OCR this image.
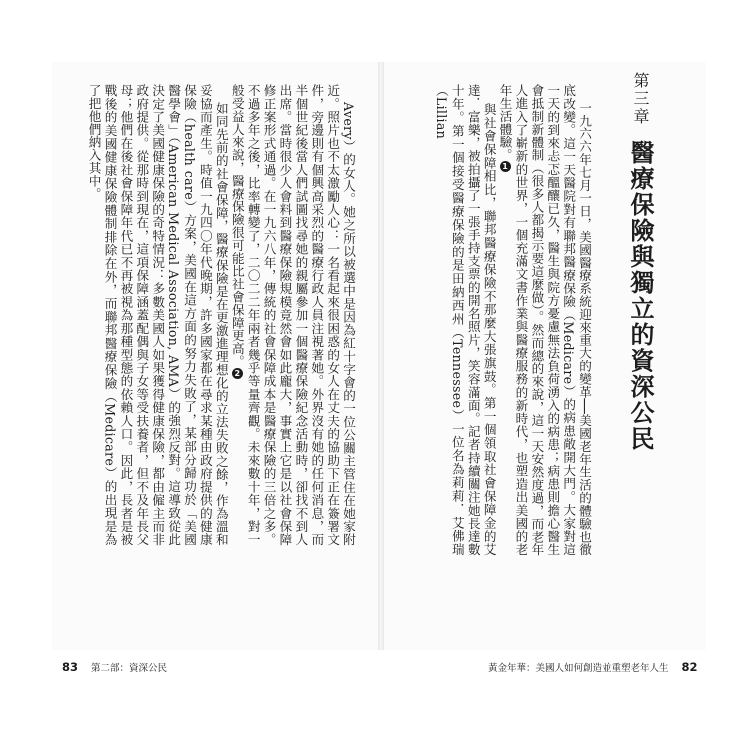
Avery）的女人。她之所以被選中是因為紅十字會的一位公關主管住在她家附近。照片也不太激勵人心：一名看起來很困惑的女人在丈夫的協助下正在簽署文件，旁邊則有個興高采烈的醫療行政人員注視著她。外界沒有她的任何消息，而半個世紀後當人們試圖找尋她的親屬參加一個醫療保險紀念活動時，卻找不到人出席。當時很少人會料到醫療保險規模竟然會如此龐大，事實上它是以社會保障修正案形式通過。在一九六八年，傳統的社會保障成本是醫療保險的三倍之多。不過多年之後，比率轉變了，二〇二二年兩者幾乎等量齊觀。未來數十年，對一般受益人來說，醫療保險很可能比社會保障更高。2
如同先前的社會保障，醫療保險是在更激進理想化的立法失敗之餘，作為溫和妥協而產生。時值一九四〇年代晚期，許多國家都在尋求某種由政府提供的健康保險（health care）方案，美國在這方面的努力失敗了，某部分歸功於「美國醫學會」（American Medical Association, AMA）的強烈反對。這導致從此決定了美國健康保險的奇特情況：多數美國人如果獲得健康保險，都由僱主而非政府提供。從那時到現在，這項保障涵蓋配偶與子女等受扶養者，但不及年長父母；他們在後社會保障年代已不再被視為那種型態的依賴人口。因此，長者是被戰後的美國健康保險體制排除在外，而聯邦醫療保險（Medicare）的出現是為了把他們納入其中。
	第三章醫療保險與獨立的資深公民

一九六六年七月一日，美國醫療系統迎來重大的變革──美國老年生活的體驗也徹底改變。這一天醫院對有聯邦醫療保險（Medicare）的病患敞開大門。大家對這一天的到來忐忑醞釀已久，醫生與院方憂慮無法負荷湧入的病患；病患則擔心醫生會抵制新體制（很多人都揭示要這麼做）。然而總的來說，這一天安然度過，而老年人進入了嶄新的世界，一個充滿文書作業與醫療服務的新時代，也塑造出美國的老年生活體驗。1
與社會保障相比，聯邦醫療保險不那麼大張旗鼓。第一個領取社會保障金的艾達．富樂，被拍攝了一張手持支票的開名照片，笑容滿面。記者持續關注她長達數十年。第一個接受醫療保險的是田納西州（Tennessee）一位名為莉莉．艾佛瑞（Lillian

83 第二部：資深公民	黃金年華：美國人如何創造並重塑老年人生 82
